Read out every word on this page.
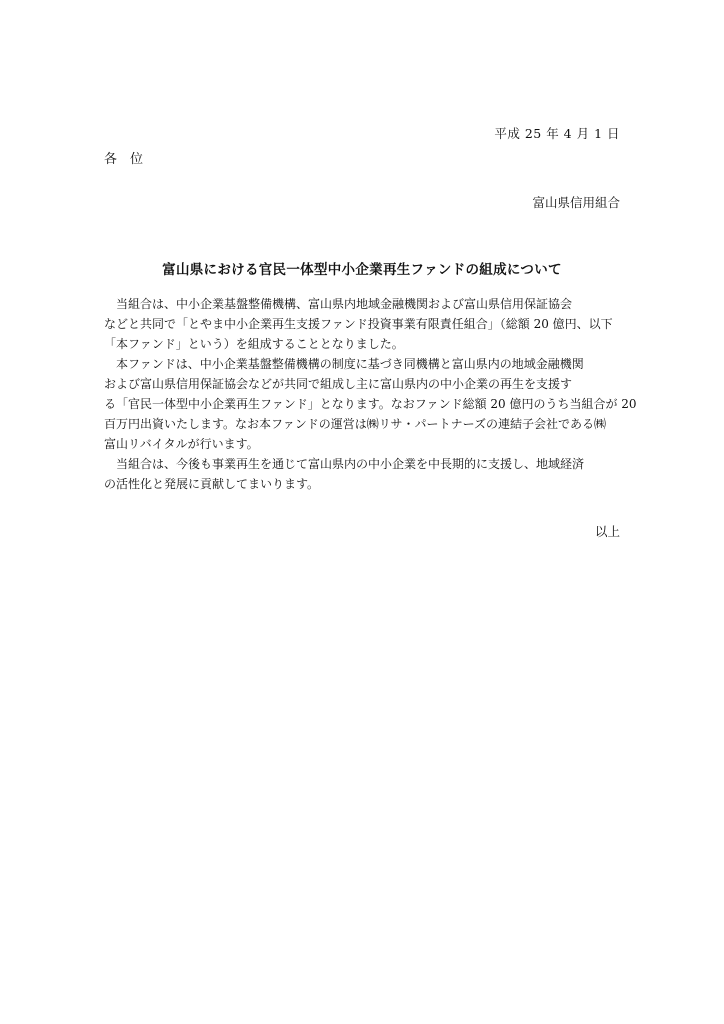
平成 25 年 4 月 1 日
各　位
富山県信用組合
富山県における官民一体型中小企業再生ファンドの組成について
　当組合は、中小企業基盤整備機構、富山県内地域金融機関および富山県信用保証協会
などと共同で「とやま中小企業再生支援ファンド投資事業有限責任組合」（総額 20 億円、以下
「本ファンド」という）を組成することとなりました。
　本ファンドは、中小企業基盤整備機構の制度に基づき同機構と富山県内の地域金融機関
および富山県信用保証協会などが共同で組成し主に富山県内の中小企業の再生を支援す
る「官民一体型中小企業再生ファンド」となります。なおファンド総額 20 億円のうち当組合が 20
百万円出資いたします。なお本ファンドの運営は㈱リサ・パートナーズの連結子会社である㈱
富山リバイタルが行います。
　当組合は、今後も事業再生を通じて富山県内の中小企業を中長期的に支援し、地域経済
の活性化と発展に貢献してまいります。
以上
